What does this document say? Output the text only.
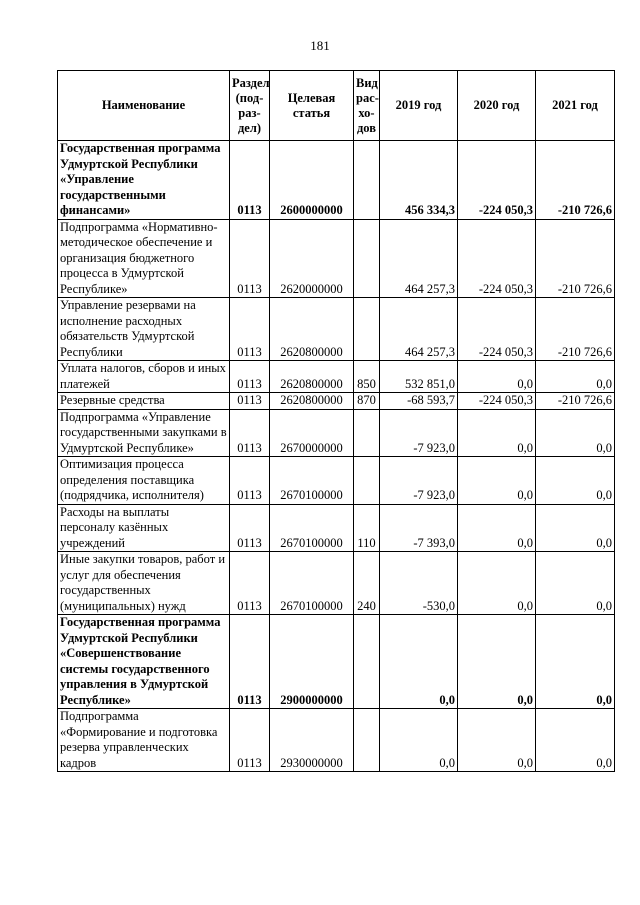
181
Наименование	Раздел (под-раз-дел)	Целевая статья	Вид рас-хо-дов	2019 год	2020 год	2021 год
Государственная программа Удмуртской Республики «Управление государственными финансами»	0113	2600000000		456 334,3	-224 050,3	-210 726,6
Подпрограмма «Нормативно-методическое обеспечение и организация бюджетного процесса в Удмуртской Республике»	0113	2620000000		464 257,3	-224 050,3	-210 726,6
Управление резервами на исполнение расходных обязательств Удмуртской Республики	0113	2620800000		464 257,3	-224 050,3	-210 726,6
Уплата налогов, сборов и иных платежей	0113	2620800000	850	532 851,0	0,0	0,0
Резервные средства	0113	2620800000	870	-68 593,7	-224 050,3	-210 726,6
Подпрограмма «Управление государственными закупками в Удмуртской Республике»	0113	2670000000		-7 923,0	0,0	0,0
Оптимизация процесса определения поставщика (подрядчика, исполнителя)	0113	2670100000		-7 923,0	0,0	0,0
Расходы на выплаты персоналу казённых учреждений	0113	2670100000	110	-7 393,0	0,0	0,0
Иные закупки товаров, работ и услуг для обеспечения государственных (муниципальных) нужд	0113	2670100000	240	-530,0	0,0	0,0
Государственная программа Удмуртской Республики «Совершенствование системы государственного управления в Удмуртской Республике»	0113	2900000000		0,0	0,0	0,0
Подпрограмма «Формирование и подготовка резерва управленческих кадров	0113	2930000000		0,0	0,0	0,0
